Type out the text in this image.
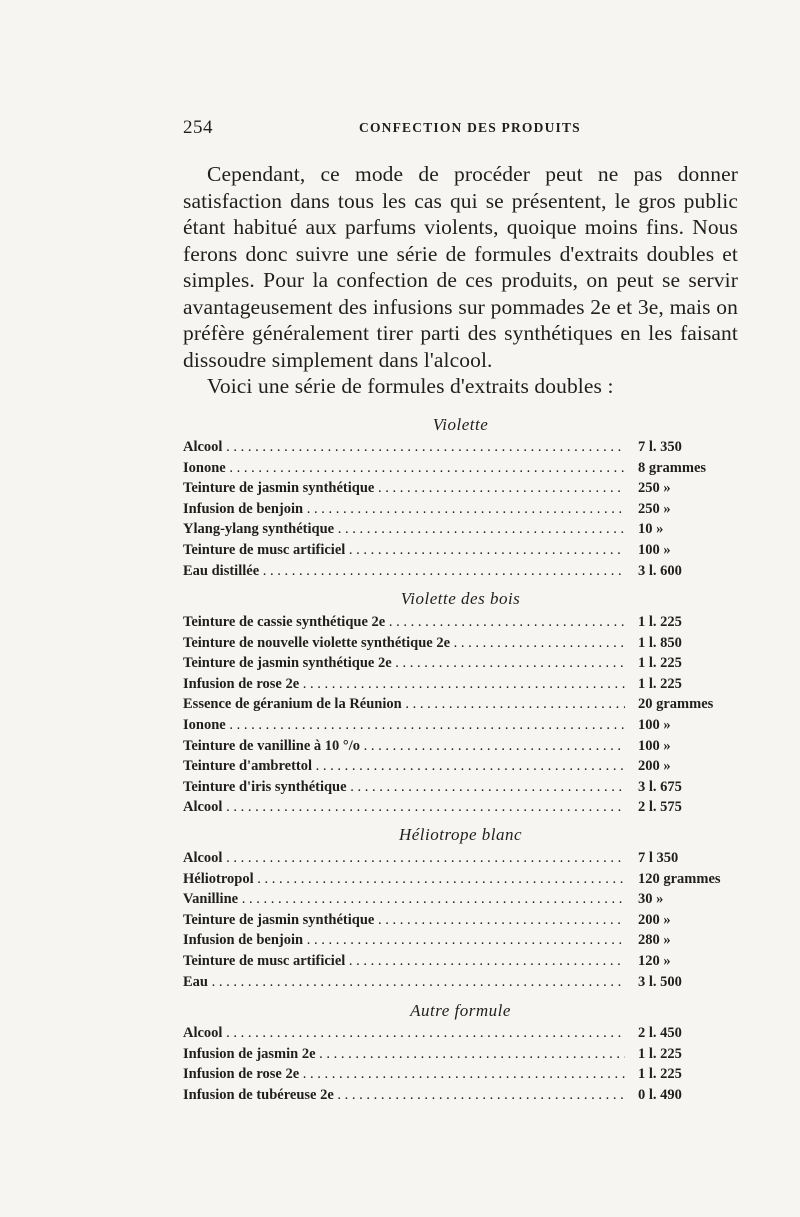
254	CONFECTION DES PRODUITS

Cependant, ce mode de procéder peut ne pas donner satisfaction dans tous les cas qui se présentent, le gros public étant habitué aux parfums violents, quoique moins fins. Nous ferons donc suivre une série de formules d'extraits doubles et simples. Pour la confection de ces produits, on peut se servir avantageusement des infusions sur pommades 2e et 3e, mais on préfère généralement tirer parti des synthétiques en les faisant dissoudre simplement dans l'alcool.

Voici une série de formules d'extraits doubles :

Violette
Alcool . . .	7 l. 350
Ionone . . .	8 grammes
Teinture de jasmin synthétique . . .	250 »
Infusion de benjoin . . .	250 »
Ylang-ylang synthétique . . .	10 »
Teinture de musc artificiel . . .	100 »
Eau distillée . . .	3 l. 600
Violette des bois
Teinture de cassie synthétique 2e . . .	1 l. 225
Teinture de nouvelle violette synthétique 2e . . .	1 l. 850
Teinture de jasmin synthétique 2e . . .	1 l. 225
Infusion de rose 2e . . .	1 l. 225
Essence de géranium de la Réunion . . .	20 grammes
Ionone . . .	100 »
Teinture de vanilline à 10 °/o . . .	100 »
Teinture d'ambrettol . . .	200 »
Teinture d'iris synthétique . . .	3 l. 675
Alcool . . .	2 l. 575
Héliotrope blanc
Alcool . . .	7 l 350
Héliotropol . . .	120 grammes
Vanilline . . .	30 »
Teinture de jasmin synthétique . . .	200 »
Infusion de benjoin . . .	280 »
Teinture de musc artificiel . . .	120 »
Eau . . .	3 l. 500
Autre formule
Alcool . . .	2 l. 450
Infusion de jasmin 2e . . .	1 l. 225
Infusion de rose 2e . . .	1 l. 225
Infusion de tubéreuse 2e . . .	0 l. 490
